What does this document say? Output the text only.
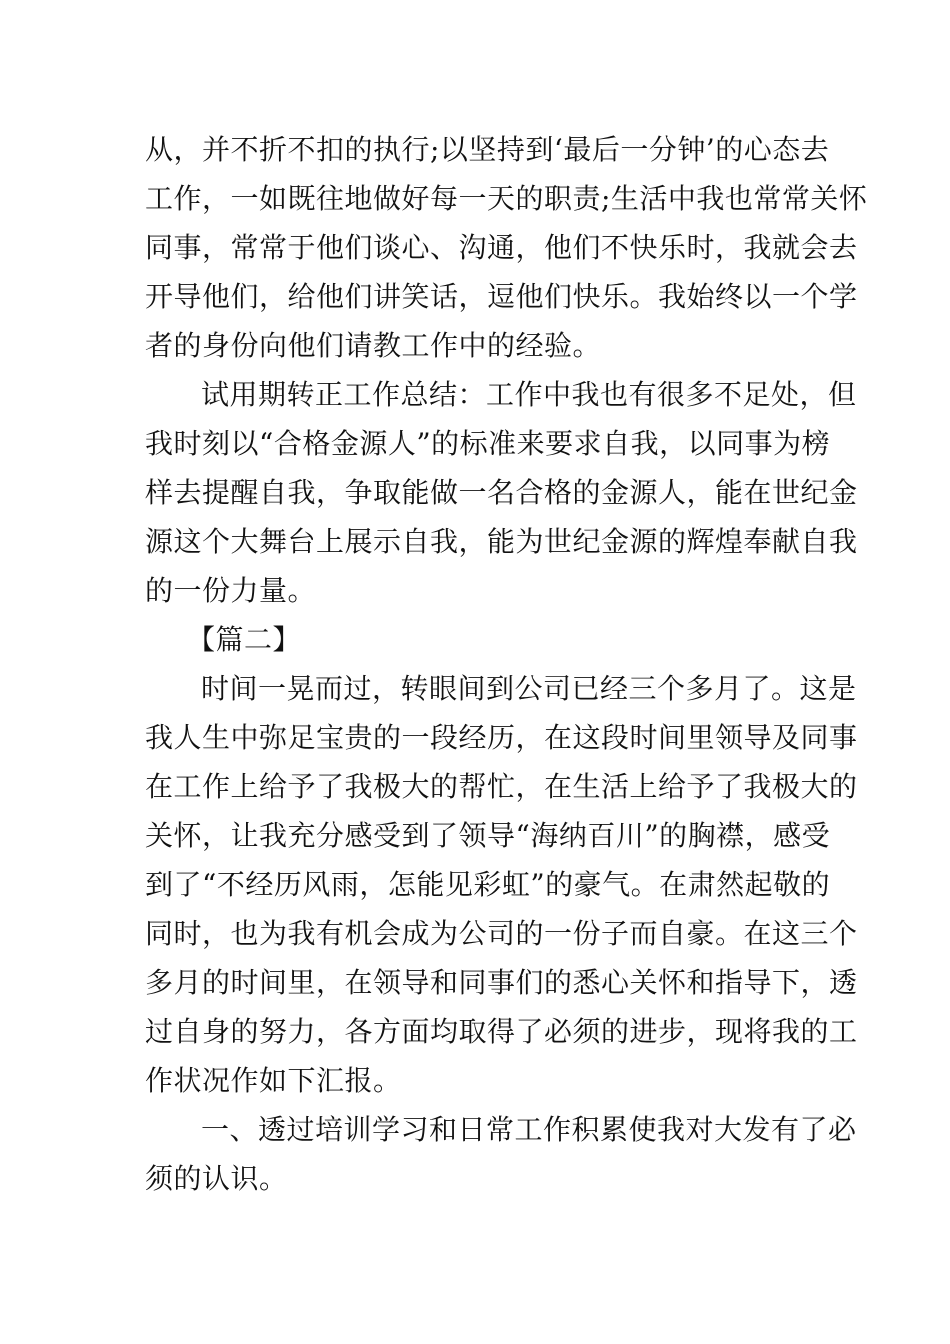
从，并不折不扣的执行;以坚持到‘最后一分钟’的心态去
工作，一如既往地做好每一天的职责;生活中我也常常关怀
同事，常常于他们谈心、沟通，他们不快乐时，我就会去
开导他们，给他们讲笑话，逗他们快乐。我始终以一个学
者的身份向他们请教工作中的经验。
试用期转正工作总结：工作中我也有很多不足处，但
我时刻以“合格金源人”的标准来要求自我，以同事为榜
样去提醒自我，争取能做一名合格的金源人，能在世纪金
源这个大舞台上展示自我，能为世纪金源的辉煌奉献自我
的一份力量。
【篇二】
时间一晃而过，转眼间到公司已经三个多月了。这是
我人生中弥足宝贵的一段经历，在这段时间里领导及同事
在工作上给予了我极大的帮忙，在生活上给予了我极大的
关怀，让我充分感受到了领导“海纳百川”的胸襟，感受
到了“不经历风雨，怎能见彩虹”的豪气。在肃然起敬的
同时，也为我有机会成为公司的一份子而自豪。在这三个
多月的时间里，在领导和同事们的悉心关怀和指导下，透
过自身的努力，各方面均取得了必须的进步，现将我的工
作状况作如下汇报。
一、透过培训学习和日常工作积累使我对大发有了必
须的认识。
